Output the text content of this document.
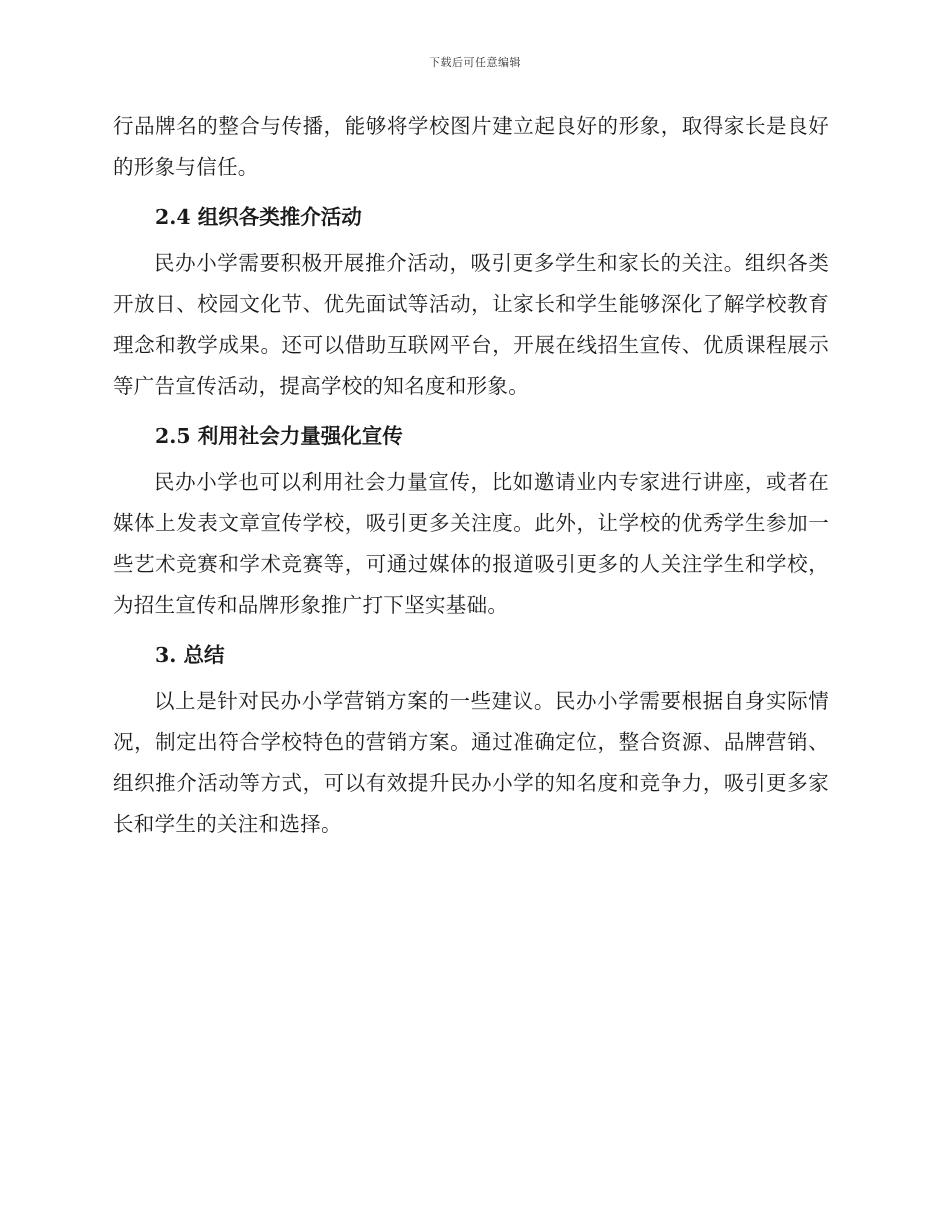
下载后可任意编辑

行品牌名的整合与传播，能够将学校图片建立起良好的形象，取得家长是良好的形象与信任。

2.4 组织各类推介活动

民办小学需要积极开展推介活动，吸引更多学生和家长的关注。组织各类开放日、校园文化节、优先面试等活动，让家长和学生能够深化了解学校教育理念和教学成果。还可以借助互联网平台，开展在线招生宣传、优质课程展示等广告宣传活动，提高学校的知名度和形象。

2.5 利用社会力量强化宣传

民办小学也可以利用社会力量宣传，比如邀请业内专家进行讲座，或者在媒体上发表文章宣传学校，吸引更多关注度。此外，让学校的优秀学生参加一些艺术竞赛和学术竞赛等，可通过媒体的报道吸引更多的人关注学生和学校，为招生宣传和品牌形象推广打下坚实基础。

3. 总结

以上是针对民办小学营销方案的一些建议。民办小学需要根据自身实际情况，制定出符合学校特色的营销方案。通过准确定位，整合资源、品牌营销、组织推介活动等方式，可以有效提升民办小学的知名度和竞争力，吸引更多家长和学生的关注和选择。
